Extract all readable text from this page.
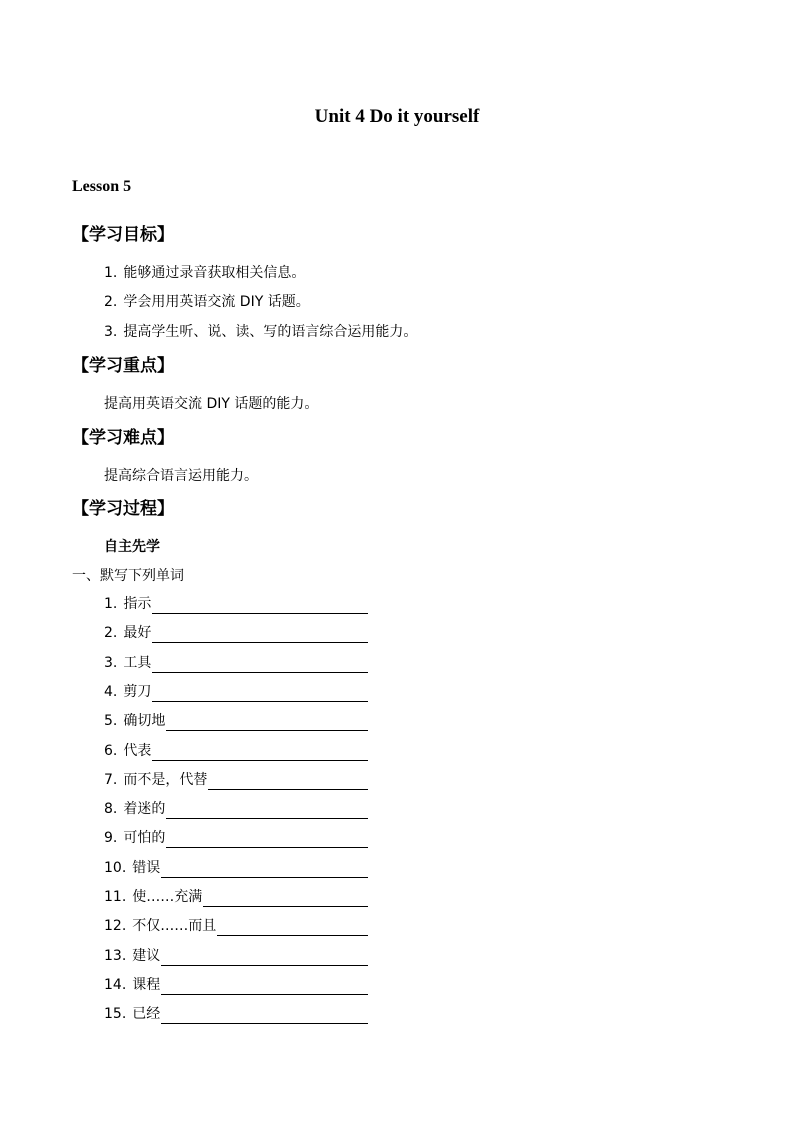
Unit 4 Do it yourself
Lesson 5
【学习目标】
1. 能够通过录音获取相关信息。
2. 学会用用英语交流 DIY 话题。
3. 提高学生听、说、读、写的语言综合运用能力。
【学习重点】
提高用英语交流 DIY 话题的能力。
【学习难点】
提高综合语言运用能力。
【学习过程】
自主先学
一、默写下列单词
1. 指示
2. 最好
3. 工具
4. 剪刀
5. 确切地
6. 代表
7. 而不是，代替
8. 着迷的
9. 可怕的
10. 错误
11. 使……充满
12. 不仅……而且
13. 建议
14. 课程
15. 已经
